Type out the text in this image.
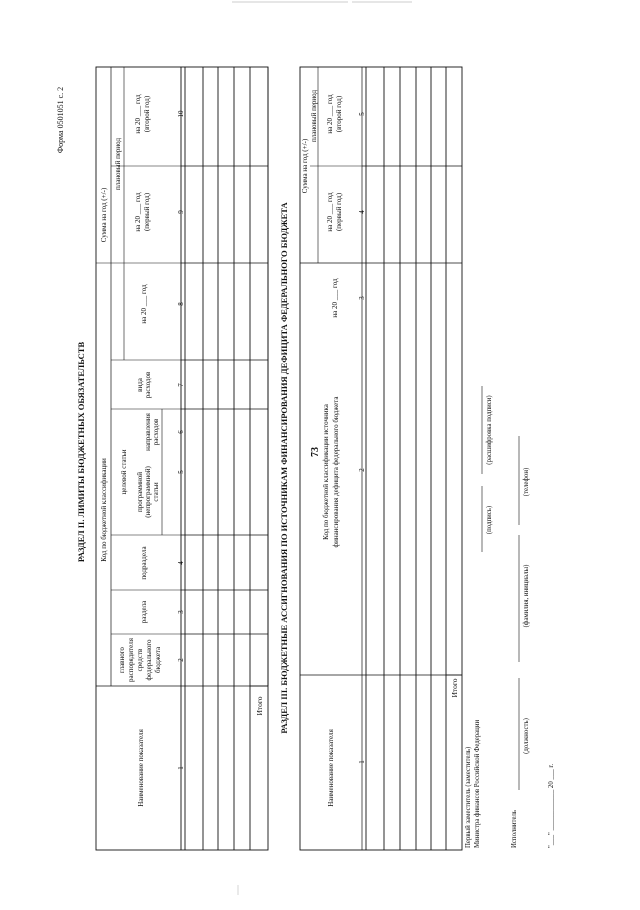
73
Форма 0501051 с. 2
РАЗДЕЛ II. ЛИМИТЫ БЮДЖЕТНЫХ ОБЯЗАТЕЛЬСТВ
Наименование показателя
Код по бюджетной классификации
главного распорядителя средств федерального бюджета
раздела
подраздела
целевой статьи программной (непрограммной) статьи
направления расходов
вида расходов
Сумма на год (+/-)
на 20 ___ год
плановый период
на 20 ___ год (первый год)
на 20 ___ год (второй год)
1
2
3
4
5
6
7
8
9
10
Итого РАЗДЕЛ III. БЮДЖЕТНЫЕ АССИГНОВАНИЯ ПО ИСТОЧНИКАМ ФИНАНСИРОВАНИЯ ДЕФИЦИТА ФЕДЕРАЛЬНОГО БЮДЖЕТА
Наименование показателя
Код по бюджетной классификации источника финансирования дефицита федерального бюджета
Сумма на год (+/-)
на 20 ___ год
плановый период
на 20 ___ год (первый год)
на 20 ___ год (второй год)
1
2
3
4
5
Итого
Первый заместитель (заместитель) Министра финансов Российской Федерации
(подпись)
(расшифровка подписи)
Исполнитель
(должность)
(фамилия, инициалы)
(телефон)
"___" ____________ 20 ___ г.
